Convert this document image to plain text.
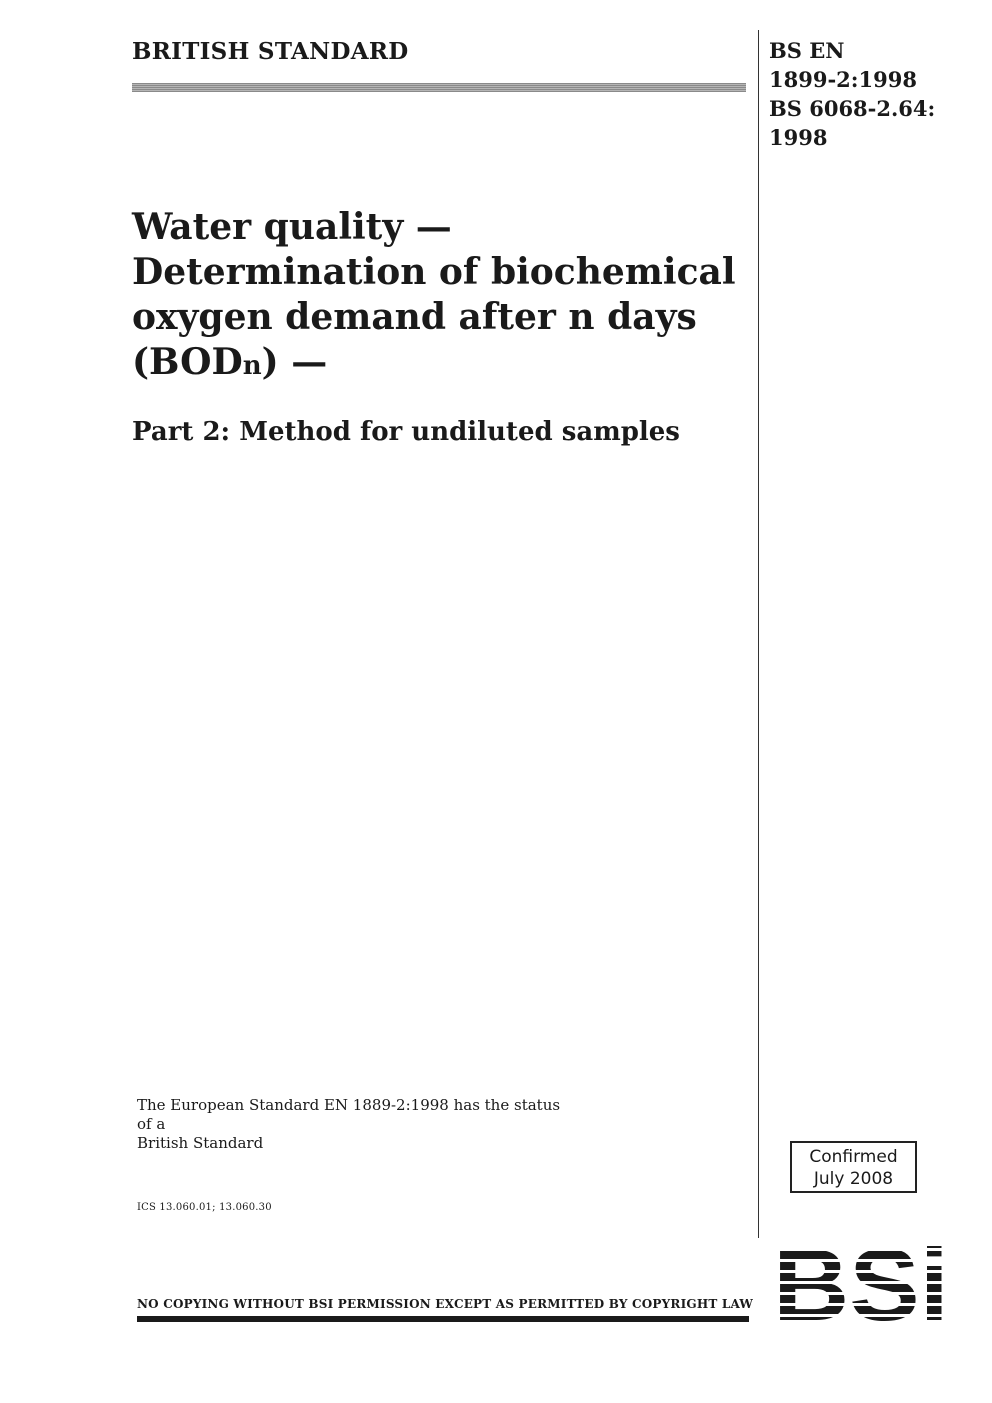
BRITISH STANDARD	BS EN
1899-2:1998
BS 6068-2.64:
1998
Water quality —
Determination of biochemical
oxygen demand after n days
(BODn) —
Part 2: Method for undiluted samples
The European Standard EN 1889-2:1998 has the status of a
British Standard
ICS 13.060.01; 13.060.30
Confirmed
July 2008
BSi
NO COPYING WITHOUT BSI PERMISSION EXCEPT AS PERMITTED BY COPYRIGHT LAW
